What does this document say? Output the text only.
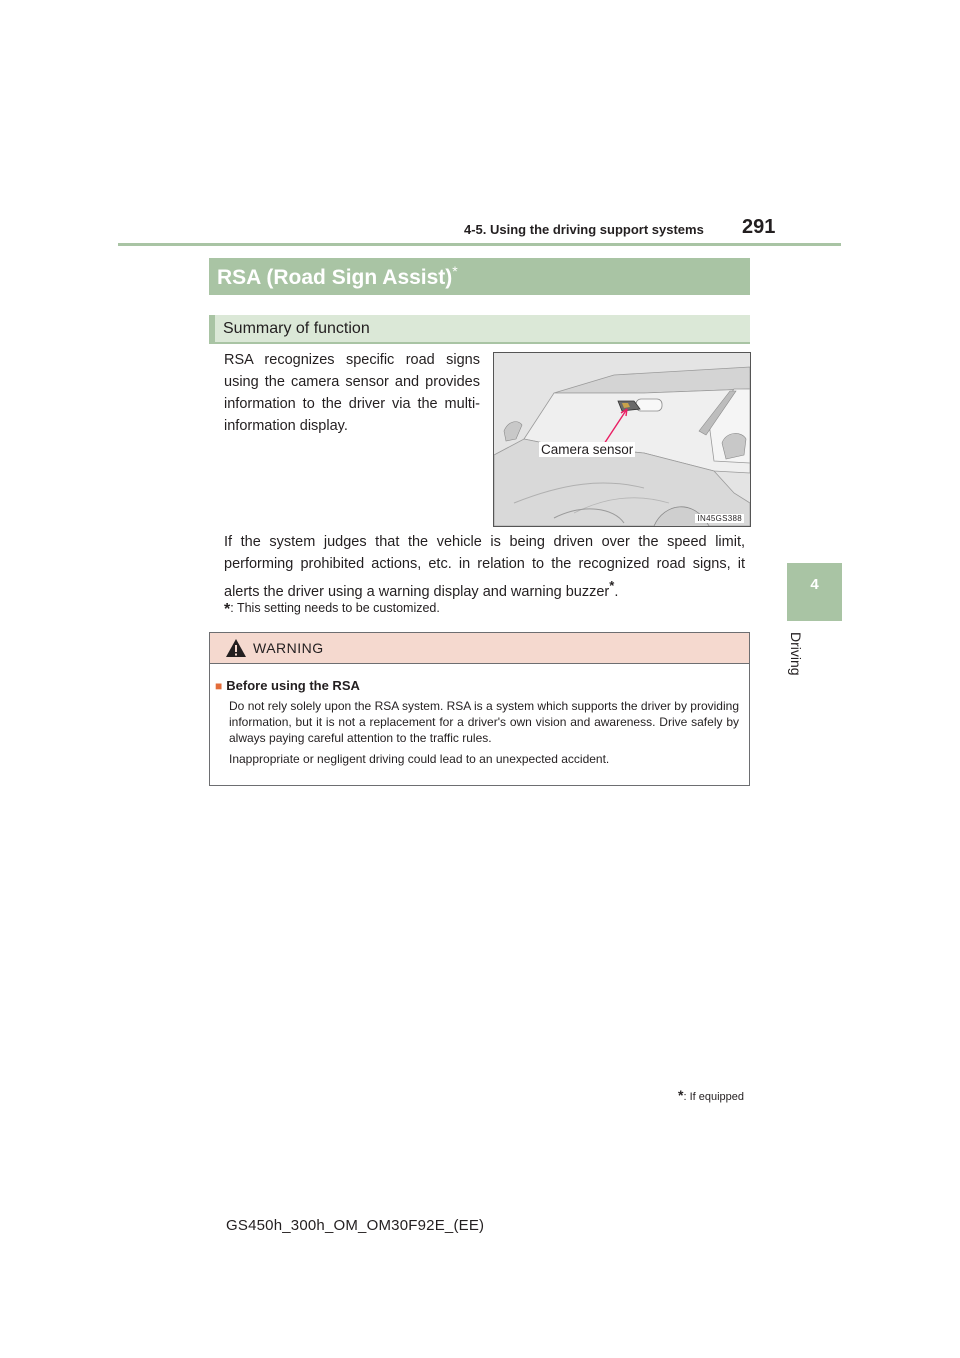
4-5. Using the driving support systems 291
4
Driving
RSA (Road Sign Assist)*
Summary of function
RSA recognizes specific road signs using the camera sensor and provides information to the driver via the multi-information display.
Camera sensor
IN45GS388
If the system judges that the vehicle is being driven over the speed limit, performing prohibited actions, etc. in relation to the recognized road signs, it alerts the driver using a warning display and warning buzzer*.
*: This setting needs to be customized.
WARNING
■ Before using the RSA
Do not rely solely upon the RSA system. RSA is a system which supports the driver by providing information, but it is not a replacement for a driver's own vision and awareness. Drive safely by always paying careful attention to the traffic rules.
Inappropriate or negligent driving could lead to an unexpected accident.
*: If equipped
GS450h_300h_OM_OM30F92E_(EE)
